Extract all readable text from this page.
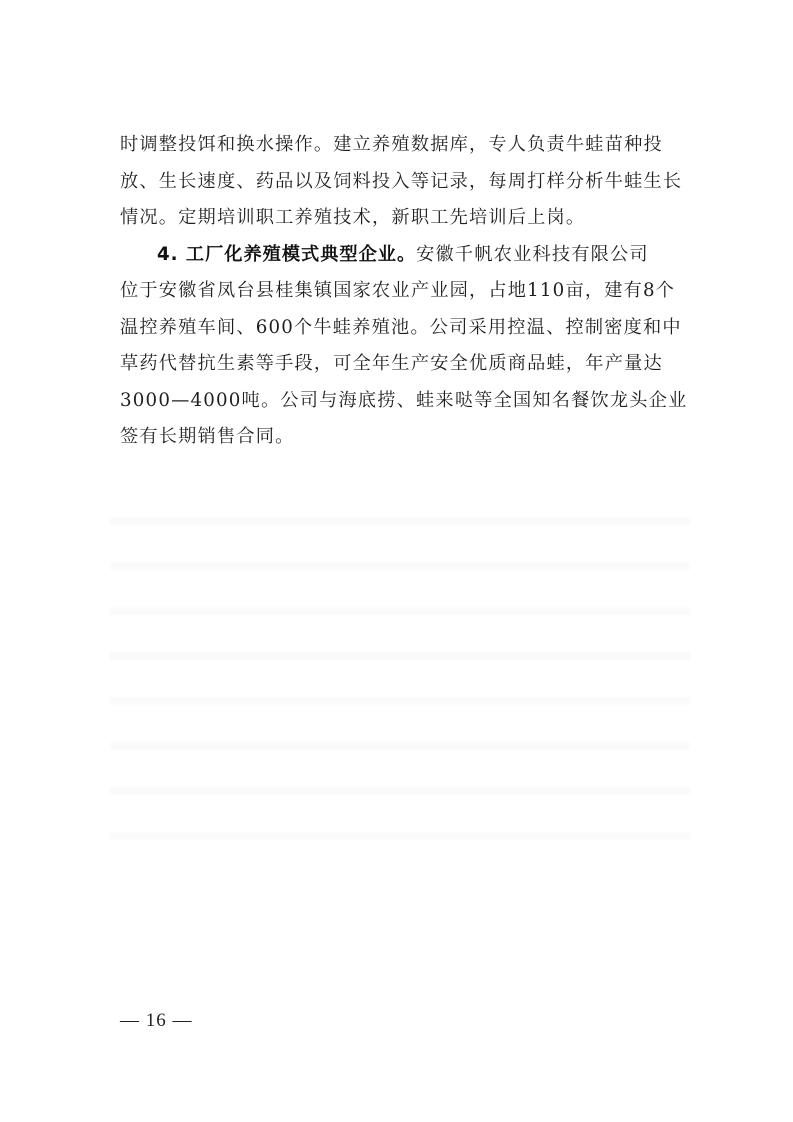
时调整投饵和换水操作。建立养殖数据库，专人负责牛蛙苗种投
放、生长速度、药品以及饲料投入等记录，每周打样分析牛蛙生长
情况。定期培训职工养殖技术，新职工先培训后上岗。
4. 工厂化养殖模式典型企业。安徽千帆农业科技有限公司
位于安徽省凤台县桂集镇国家农业产业园，占地110亩，建有8个
温控养殖车间、600个牛蛙养殖池。公司采用控温、控制密度和中
草药代替抗生素等手段，可全年生产安全优质商品蛙，年产量达
3000—4000吨。公司与海底捞、蛙来哒等全国知名餐饮龙头企业
签有长期销售合同。
— 16 —
